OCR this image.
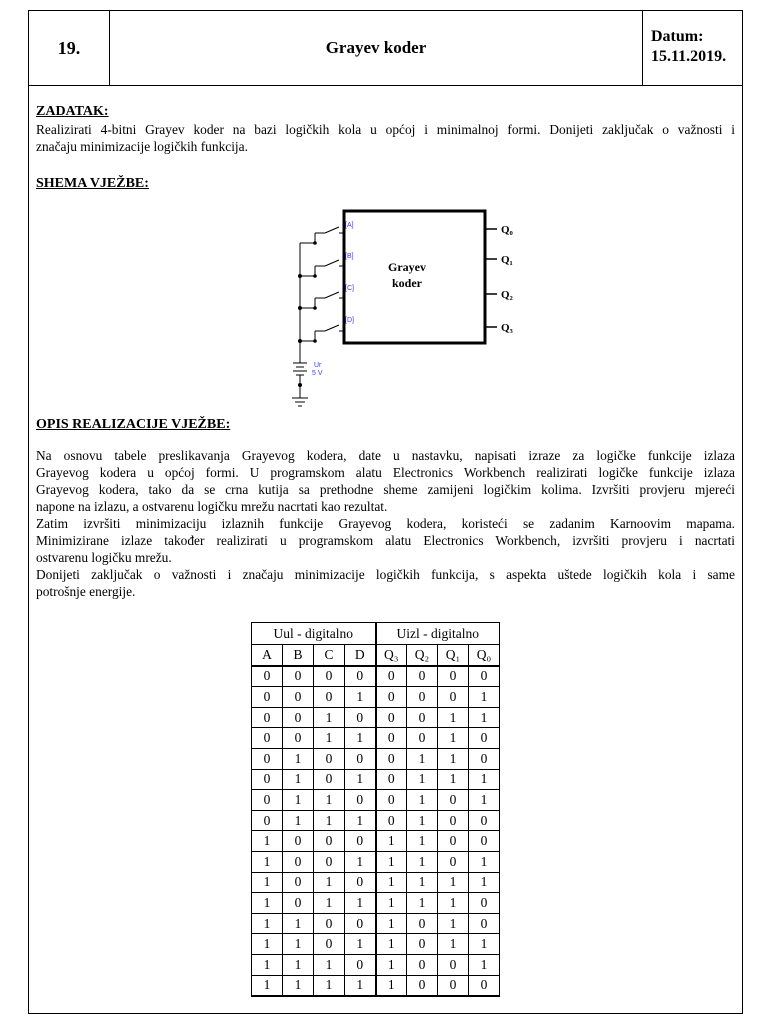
19.	Grayev koder
Datum:
15.11.2019.
ZADATAK:
Realizirati 4-bitni Grayev koder na bazi logičkih kola u općoj i minimalnoj formi. Donijeti zaključak o važnosti i
značaju minimizacije logičkih funkcija.
SHEMA VJEŽBE:
Grayev
koder
Q₀
Q₁
Q₂
Q₃
[A]
[B]
[C]
[D]
Ur
5 V
OPIS REALIZACIJE VJEŽBE:
Na osnovu tabele preslikavanja Grayevog kodera, date u nastavku, napisati izraze za logičke funkcije izlaza
Grayevog kodera u općoj formi. U programskom alatu Electronics Workbench realizirati logičke funkcije izlaza
Grayevog kodera, tako da se crna kutija sa prethodne sheme zamijeni logičkim kolima. Izvršiti provjeru mjereći
napone na izlazu, a ostvarenu logičku mrežu nacrtati kao rezultat.
Zatim izvršiti minimizaciju izlaznih funkcije Grayevog kodera, koristeći se zadanim Karnoovim mapama.
Minimizirane izlaze također realizirati u programskom alatu Electronics Workbench, izvršiti provjeru i nacrtati
ostvarenu logičku mrežu.
Donijeti zaključak o važnosti i značaju minimizacije logičkih funkcija, s aspekta uštede logičkih kola i same
potrošnje energije.
Uul - digitalno				Uizl - digitalno			
A	B	C	D	Q₃	Q₂	Q₁	Q₀
0	0	0	0	0	0	0	0
0	0	0	1	0	0	0	1
0	0	1	0	0	0	1	1
0	0	1	1	0	0	1	0
0	1	0	0	0	1	1	0
0	1	0	1	0	1	1	1
0	1	1	0	0	1	0	1
0	1	1	1	0	1	0	0
1	0	0	0	1	1	0	0
1	0	0	1	1	1	0	1
1	0	1	0	1	1	1	1
1	0	1	1	1	1	1	0
1	1	0	0	1	0	1	0
1	1	0	1	1	0	1	1
1	1	1	0	1	0	0	1
1	1	1	1	1	0	0	0
